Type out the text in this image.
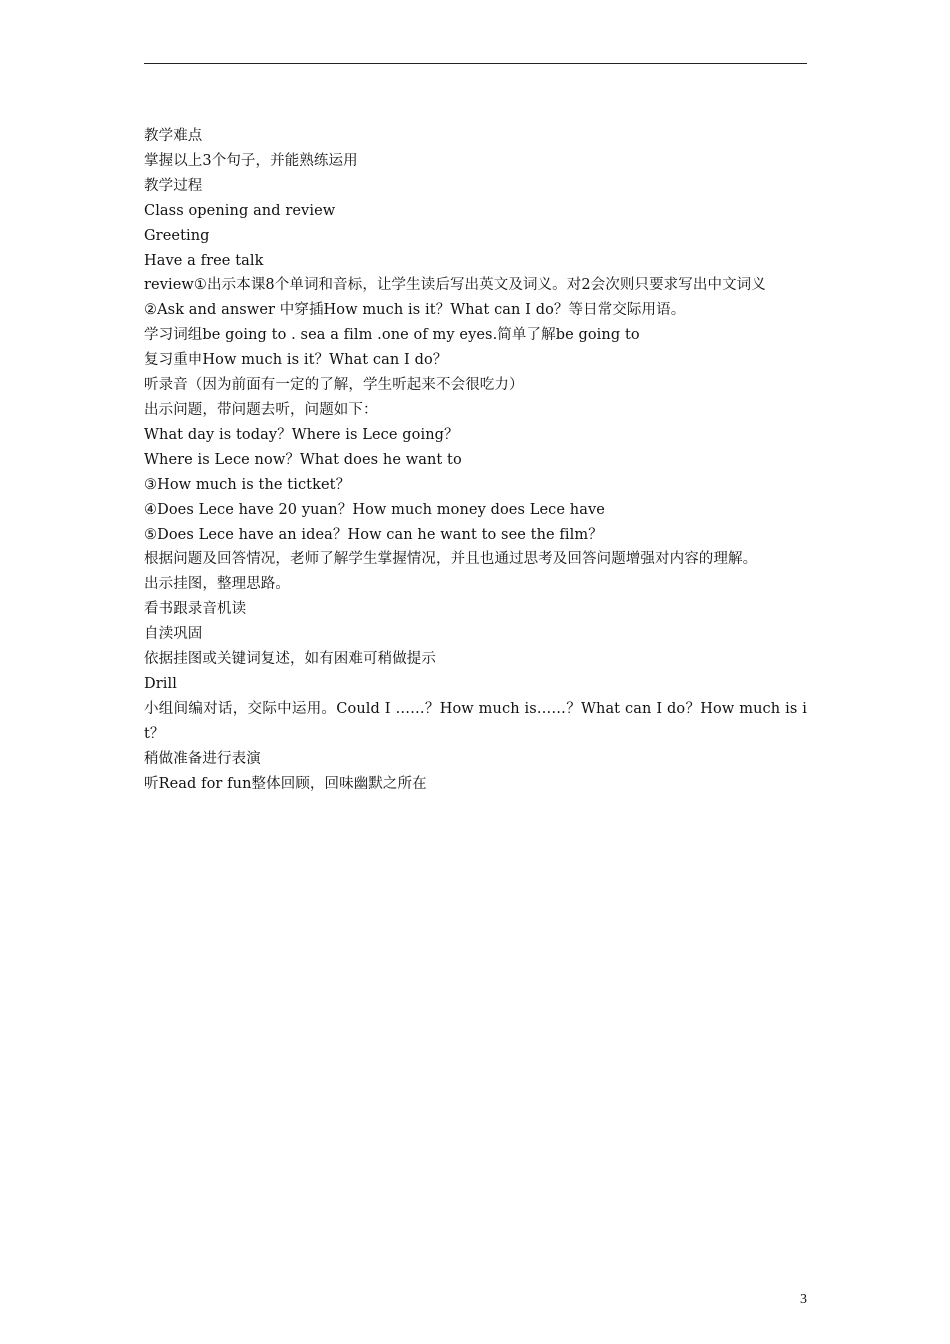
教学难点
掌握以上3个句子，并能熟练运用
教学过程
Class opening and review
Greeting
Have a free talk
review①出示本课8个单词和音标，让学生读后写出英文及词义。对2会次则只要求写出中文词义
②Ask and answer 中穿插How much is it？What can I do？等日常交际用语。
学习词组be going to . sea a film .one of my eyes.简单了解be going to
复习重申How much is it？What can I do？
听录音（因为前面有一定的了解，学生听起来不会很吃力）
出示问题，带问题去听，问题如下：
What day is today？Where is Lece going？
Where is Lece now？What does he want to
③How much is the tictket？
④Does Lece have 20 yuan？How much money does Lece have
⑤Does Lece have an idea？How can he want to see the film？
根据问题及回答情况，老师了解学生掌握情况，并且也通过思考及回答问题增强对内容的理解。
出示挂图，整理思路。
看书跟录音机读
自渎巩固
依据挂图或关键词复述，如有困难可稍做提示
Drill
小组间编对话，交际中运用。Could I ……？How much is……？What can I do？How much is it？
稍做准备进行表演
听Read for fun整体回顾，回味幽默之所在
3
